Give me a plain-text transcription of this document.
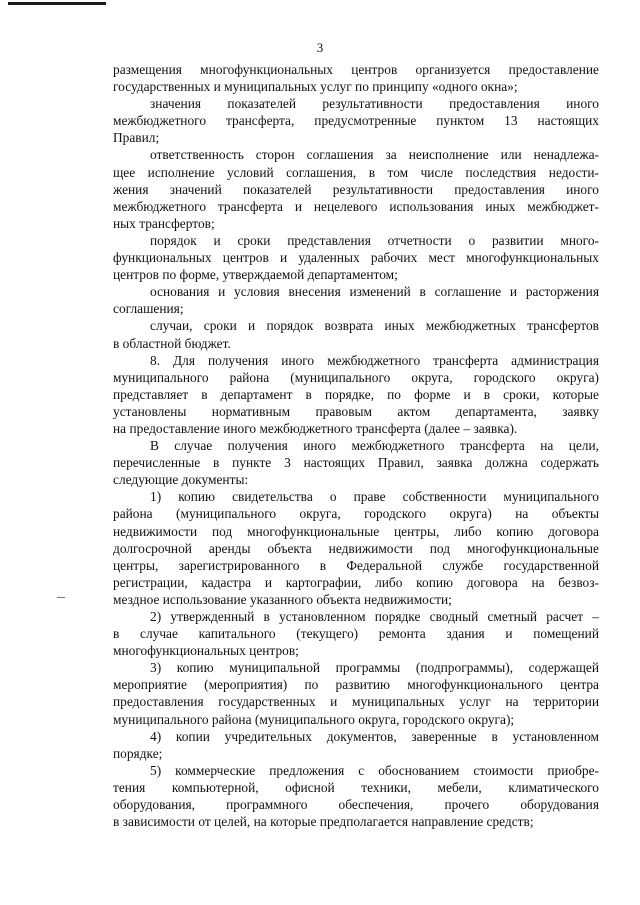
3
размещения многофункциональных центров организуется предоставление
государственных и муниципальных услуг по принципу «одного окна»;
значения показателей результативности предоставления иного
межбюджетного трансферта, предусмотренные пунктом 13 настоящих
Правил;
ответственность сторон соглашения за неисполнение или ненадлежа-
щее исполнение условий соглашения, в том числе последствия недости-
жения значений показателей результативности предоставления иного
межбюджетного трансферта и нецелевого использования иных межбюджет-
ных трансфертов;
порядок и сроки представления отчетности о развитии много-
функциональных центров и удаленных рабочих мест многофункциональных
центров по форме, утверждаемой департаментом;
основания и условия внесения изменений в соглашение и расторжения
соглашения;
случаи, сроки и порядок возврата иных межбюджетных трансфертов
в областной бюджет.
8. Для получения иного межбюджетного трансферта администрация
муниципального района (муниципального округа, городского округа)
представляет в департамент в порядке, по форме и в сроки, которые
установлены нормативным правовым актом департамента, заявку
на предоставление иного межбюджетного трансферта (далее – заявка).
В случае получения иного межбюджетного трансферта на цели,
перечисленные в пункте 3 настоящих Правил, заявка должна содержать
следующие документы:
1) копию свидетельства о праве собственности муниципального
района (муниципального округа, городского округа) на объекты
недвижимости под многофункциональные центры, либо копию договора
долгосрочной аренды объекта недвижимости под многофункциональные
центры, зарегистрированного в Федеральной службе государственной
регистрации, кадастра и картографии, либо копию договора на безвоз-
мездное использование указанного объекта недвижимости;
2) утвержденный в установленном порядке сводный сметный расчет –
в случае капитального (текущего) ремонта здания и помещений
многофункциональных центров;
3) копию муниципальной программы (подпрограммы), содержащей
мероприятие (мероприятия) по развитию многофункционального центра
предоставления государственных и муниципальных услуг на территории
муниципального района (муниципального округа, городского округа);
4) копии учредительных документов, заверенные в установленном
порядке;
5) коммерческие предложения с обоснованием стоимости приобре-
тения компьютерной, офисной техники, мебели, климатического
оборудования, программного обеспечения, прочего оборудования
в зависимости от целей, на которые предполагается направление средств;
